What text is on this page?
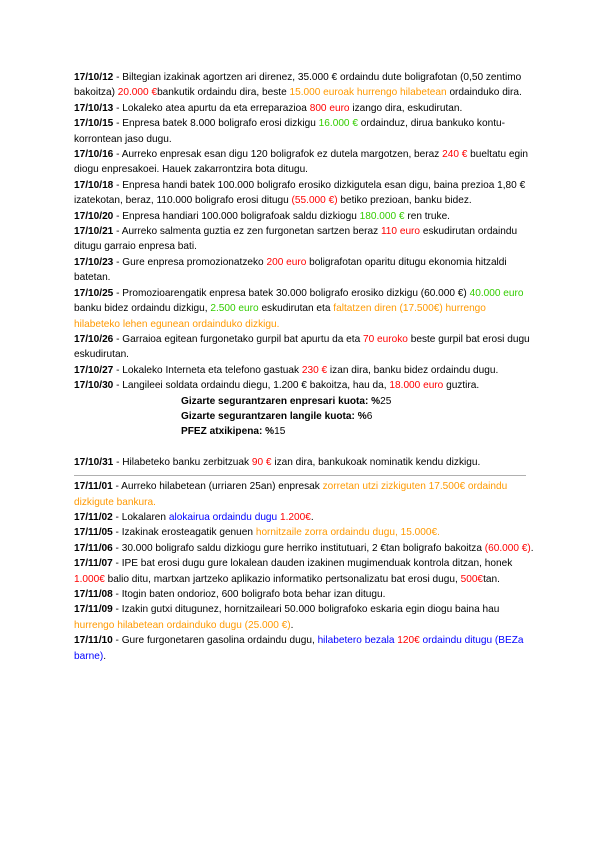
17/10/12 - Biltegian izakinak agortzen ari direnez, 35.000 € ordaindu dute boligrafotan (0,50 zentimo bakoitza) 20.000 €bankutik ordaindu dira, beste 15.000 euroak hurrengo hilabetean ordainduko dira.

17/10/13 - Lokaleko atea apurtu da eta erreparazioa 800 euro izango dira, eskudirutan.

17/10/15 - Enpresa batek 8.000 boligrafo erosi dizkigu 16.000 € ordainduz, dirua bankuko kontu-korrontean jaso dugu.

17/10/16 - Aurreko enpresak esan digu 120 boligrafok ez dutela margotzen, beraz 240 € bueltatu egin diogu enpresakoei. Hauek zakarrontzira bota ditugu.

17/10/18 - Enpresa handi batek 100.000 boligrafo erosiko dizkigutela esan digu, baina prezioa 1,80 € izatekotan, beraz, 110.000 boligrafo erosi ditugu (55.000 €) betiko prezioan, banku bidez.

17/10/20 - Enpresa handiari 100.000 boligrafoak saldu dizkiogu 180.000 € ren truke.

17/10/21 - Aurreko salmenta guztia ez zen furgonetan sartzen beraz 110 euro eskudirutan ordaindu ditugu garraio enpresa bati.

17/10/23 - Gure enpresa promozionatzeko 200 euro boligrafotan oparitu ditugu ekonomia hitzaldi batetan.

17/10/25 - Promozioarengatik enpresa batek 30.000 boligrafo erosiko dizkigu (60.000 €) 40.000 euro banku bidez ordaindu dizkigu, 2.500 euro eskudirutan eta faltatzen diren (17.500€) hurrengo hilabeteko lehen egunean ordainduko dizkigu.

17/10/26 - Garraioa egitean furgonetako gurpil bat apurtu da eta 70 euroko beste gurpil bat erosi dugu eskudirutan.

17/10/27 - Lokaleko Interneta eta telefono gastuak 230 € izan dira, banku bidez ordaindu dugu.

17/10/30 - Langileei soldata ordaindu diegu, 1.200 € bakoitza, hau da, 18.000 euro guztira.

Gizarte segurantzaren enpresari kuota: %25
Gizarte segurantzaren langile kuota: %6
PFEZ atxikipena: %15

17/10/31 - Hilabeteko banku zerbitzuak 90 € izan dira, bankukoak nominatik kendu dizkigu.

17/11/01 - Aurreko hilabetean (urriaren 25an) enpresak zorretan utzi zizkiguten 17.500€ ordaindu dizkigute bankura.

17/11/02 - Lokalaren alokairua ordaindu dugu 1.200€.

17/11/05 - Izakinak erosteagatik genuen hornitzaile zorra ordaindu dugu, 15.000€.

17/11/06 - 30.000 boligrafo saldu dizkiogu gure herriko institutuari, 2 €tan boligrafo bakoitza (60.000 €).

17/11/07 - IPE bat erosi dugu gure lokalean dauden izakinen mugimenduak kontrola ditzan, honek 1.000€ balio ditu, martxan jartzeko aplikazio informatiko pertsonalizatu bat erosi dugu, 500€tan.

17/11/08 - Itogin baten ondorioz, 600 boligrafo bota behar izan ditugu.

17/11/09 - Izakin gutxi ditugunez, hornitzaileari 50.000 boligrafoko eskaria egin diogu baina hau hurrengo hilabetean ordainduko dugu (25.000 €).

17/11/10 - Gure furgonetaren gasolina ordaindu dugu, hilabetero bezala 120€ ordaindu ditugu (BEZa barne).
